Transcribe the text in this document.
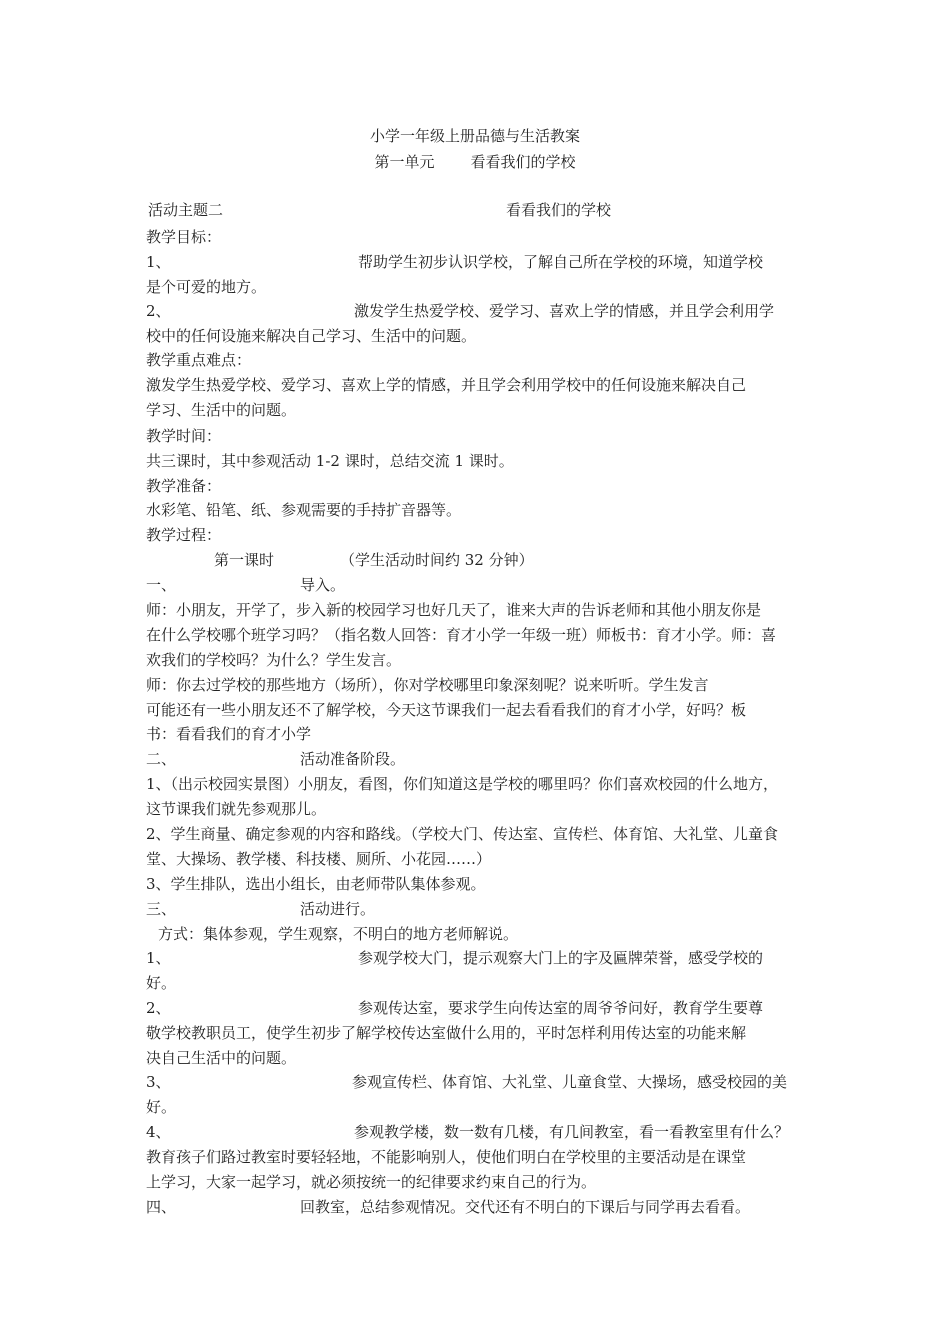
小学一年级上册品德与生活教案
第一单元 看看我们的学校
活动主题二	看看我们的学校
教学目标：
1、	帮助学生初步认识学校，了解自己所在学校的环境，知道学校
是个可爱的地方。
2、	激发学生热爱学校、爱学习、喜欢上学的情感，并且学会利用学
校中的任何设施来解决自己学习、生活中的问题。
教学重点难点：
激发学生热爱学校、爱学习、喜欢上学的情感，并且学会利用学校中的任何设施来解决自己
学习、生活中的问题。
教学时间：
共三课时，其中参观活动 1-2 课时，总结交流 1 课时。
教学准备：
水彩笔、铅笔、纸、参观需要的手持扩音器等。
教学过程：
第一课时	（学生活动时间约 32 分钟）
一、	导入。
师：小朋友，开学了，步入新的校园学习也好几天了，谁来大声的告诉老师和其他小朋友你是
在什么学校哪个班学习吗？（指名数人回答：育才小学一年级一班）师板书：育才小学。师：喜
欢我们的学校吗？为什么？学生发言。
师：你去过学校的那些地方（场所），你对学校哪里印象深刻呢？说来听听。学生发言
可能还有一些小朋友还不了解学校，今天这节课我们一起去看看我们的育才小学，好吗？板
书：看看我们的育才小学
二、	活动准备阶段。
1、（出示校园实景图）小朋友，看图，你们知道这是学校的哪里吗？你们喜欢校园的什么地方，
这节课我们就先参观那儿。
2、学生商量、确定参观的内容和路线。（学校大门、传达室、宣传栏、体育馆、大礼堂、儿童食
堂、大操场、教学楼、科技楼、厕所、小花园……）
3、学生排队，选出小组长，由老师带队集体参观。
三、	活动进行。
方式：集体参观，学生观察，不明白的地方老师解说。
1、	参观学校大门，提示观察大门上的字及匾牌荣誉，感受学校的
好。
2、	参观传达室，要求学生向传达室的周爷爷问好，教育学生要尊
敬学校教职员工，使学生初步了解学校传达室做什么用的，平时怎样利用传达室的功能来解
决自己生活中的问题。
3、	参观宣传栏、体育馆、大礼堂、儿童食堂、大操场，感受校园的美
好。
4、	参观教学楼，数一数有几楼，有几间教室，看一看教室里有什么？
教育孩子们路过教室时要轻轻地，不能影响别人，使他们明白在学校里的主要活动是在课堂
上学习，大家一起学习，就必须按统一的纪律要求约束自己的行为。
四、	回教室，总结参观情况。交代还有不明白的下课后与同学再去看看。
